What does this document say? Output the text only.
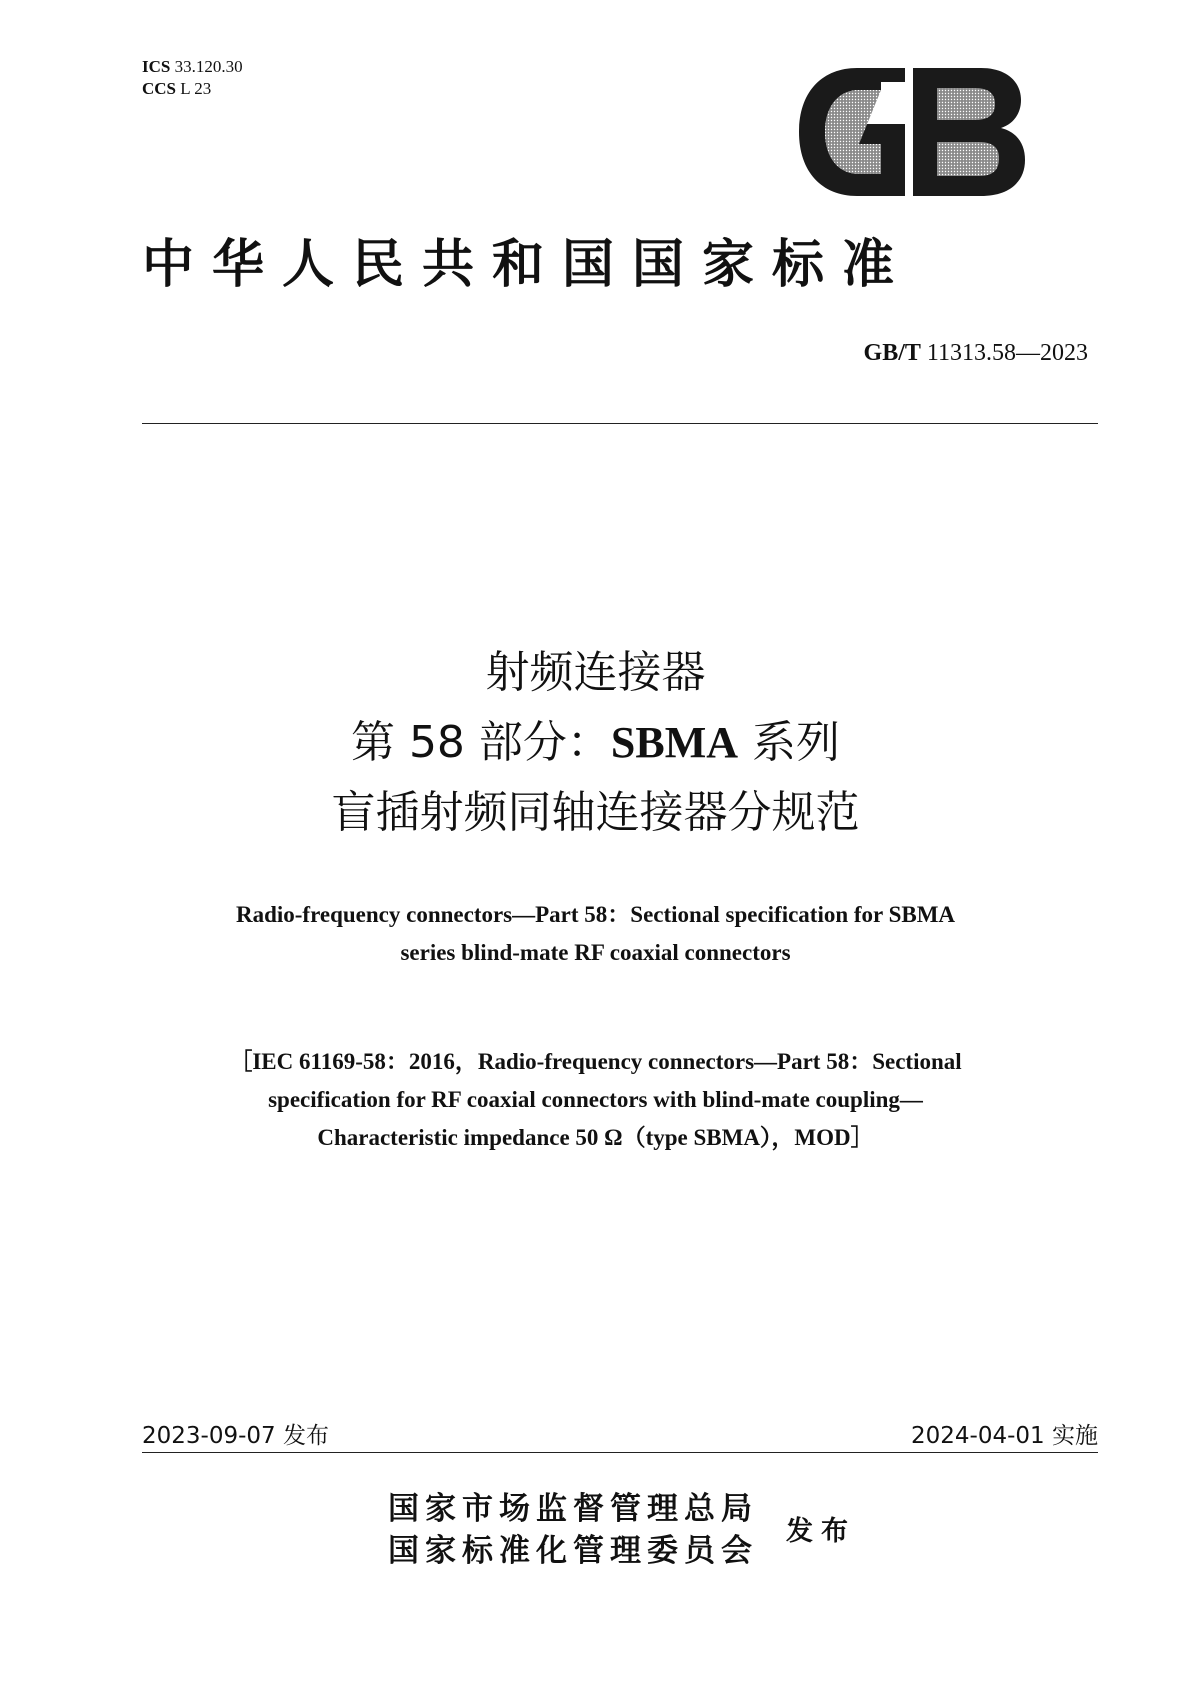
ICS 33.120.30
CCS L 23
中华人民共和国国家标准
GB/T 11313.58—2023
射频连接器
第 58 部分：SBMA 系列
盲插射频同轴连接器分规范
Radio-frequency connectors—Part 58：Sectional specification for SBMA
series blind-mate RF coaxial connectors
［IEC 61169-58：2016，Radio-frequency connectors—Part 58：Sectional
specification for RF coaxial connectors with blind-mate coupling—
Characteristic impedance 50 Ω（type SBMA），MOD］
2023-09-07 发布	2024-04-01 实施
国家市场监督管理总局
国家标准化管理委员会
发布
